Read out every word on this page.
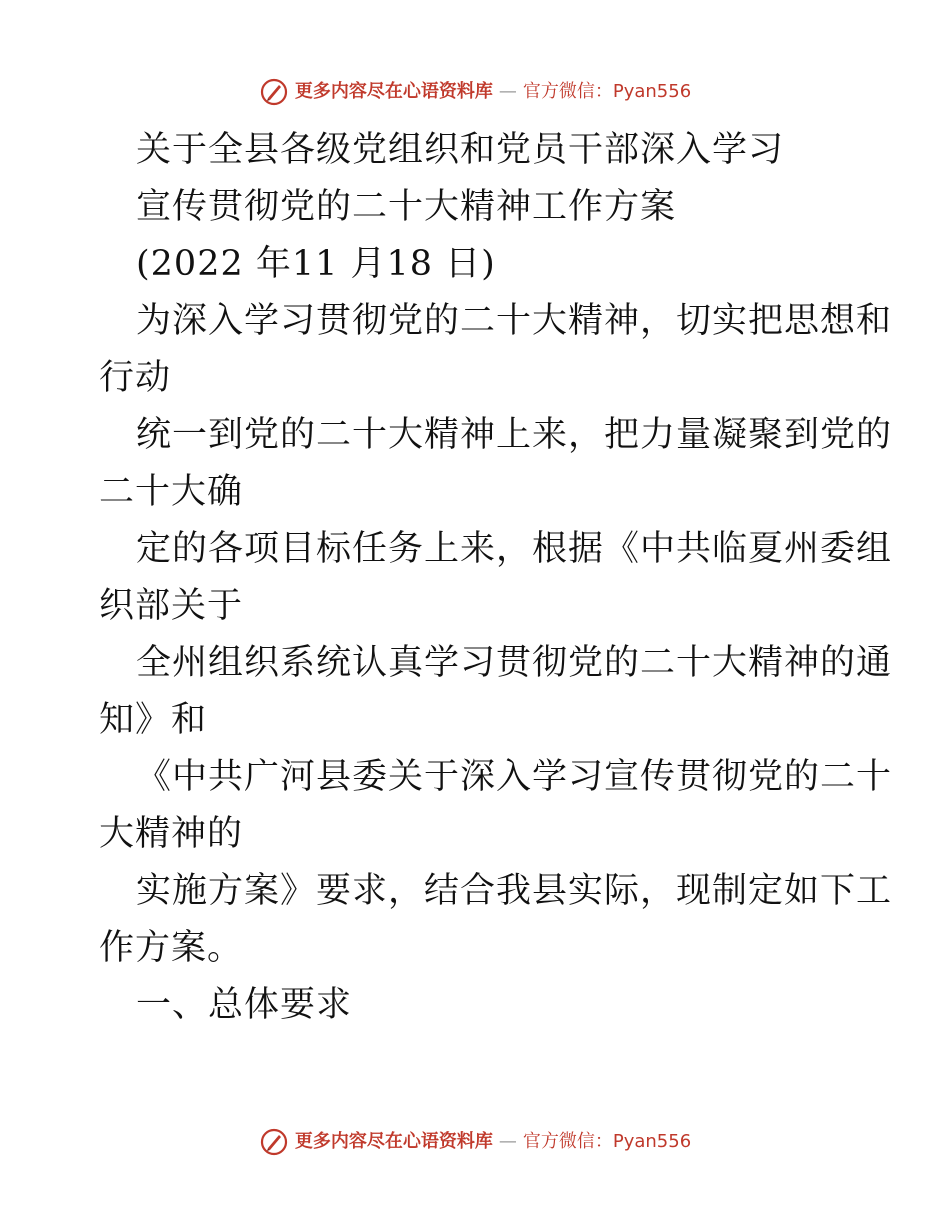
更多内容尽在心语资料库 — 官方微信：Pyan556
关于全县各级党组织和党员干部深入学习
宣传贯彻党的二十大精神工作方案
(2022 年11 月18 日)
为深入学习贯彻党的二十大精神，切实把思想和
行动
统一到党的二十大精神上来，把力量凝聚到党的
二十大确
定的各项目标任务上来，根据《中共临夏州委组
织部关于
全州组织系统认真学习贯彻党的二十大精神的通
知》和
《中共广河县委关于深入学习宣传贯彻党的二十
大精神的
实施方案》要求，结合我县实际，现制定如下工
作方案。
一、总体要求
更多内容尽在心语资料库 — 官方微信：Pyan556
